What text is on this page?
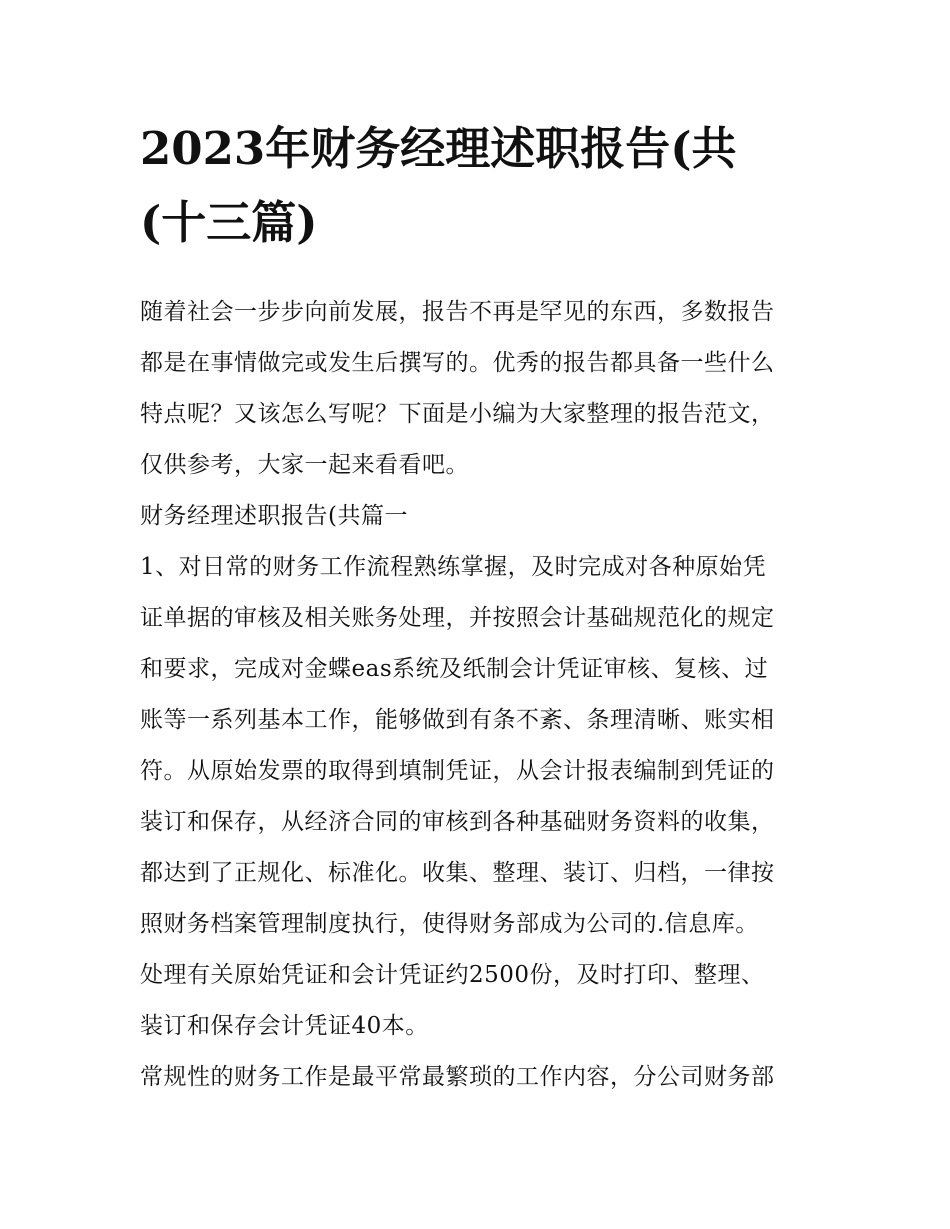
2023年财务经理述职报告(共
(十三篇)

随着社会一步步向前发展，报告不再是罕见的东西，多数报告
都是在事情做完或发生后撰写的。优秀的报告都具备一些什么
特点呢？又该怎么写呢？下面是小编为大家整理的报告范文，
仅供参考，大家一起来看看吧。

财务经理述职报告(共篇一

1、对日常的财务工作流程熟练掌握，及时完成对各种原始凭
证单据的审核及相关账务处理，并按照会计基础规范化的规定
和要求，完成对金蝶eas系统及纸制会计凭证审核、复核、过
账等一系列基本工作，能够做到有条不紊、条理清晰、账实相
符。从原始发票的取得到填制凭证，从会计报表编制到凭证的
装订和保存，从经济合同的审核到各种基础财务资料的收集，
都达到了正规化、标准化。收集、整理、装订、归档，一律按
照财务档案管理制度执行，使得财务部成为公司的.信息库。
处理有关原始凭证和会计凭证约2500份，及时打印、整理、
装订和保存会计凭证40本。
常规性的财务工作是最平常最繁琐的工作内容，分公司财务部
